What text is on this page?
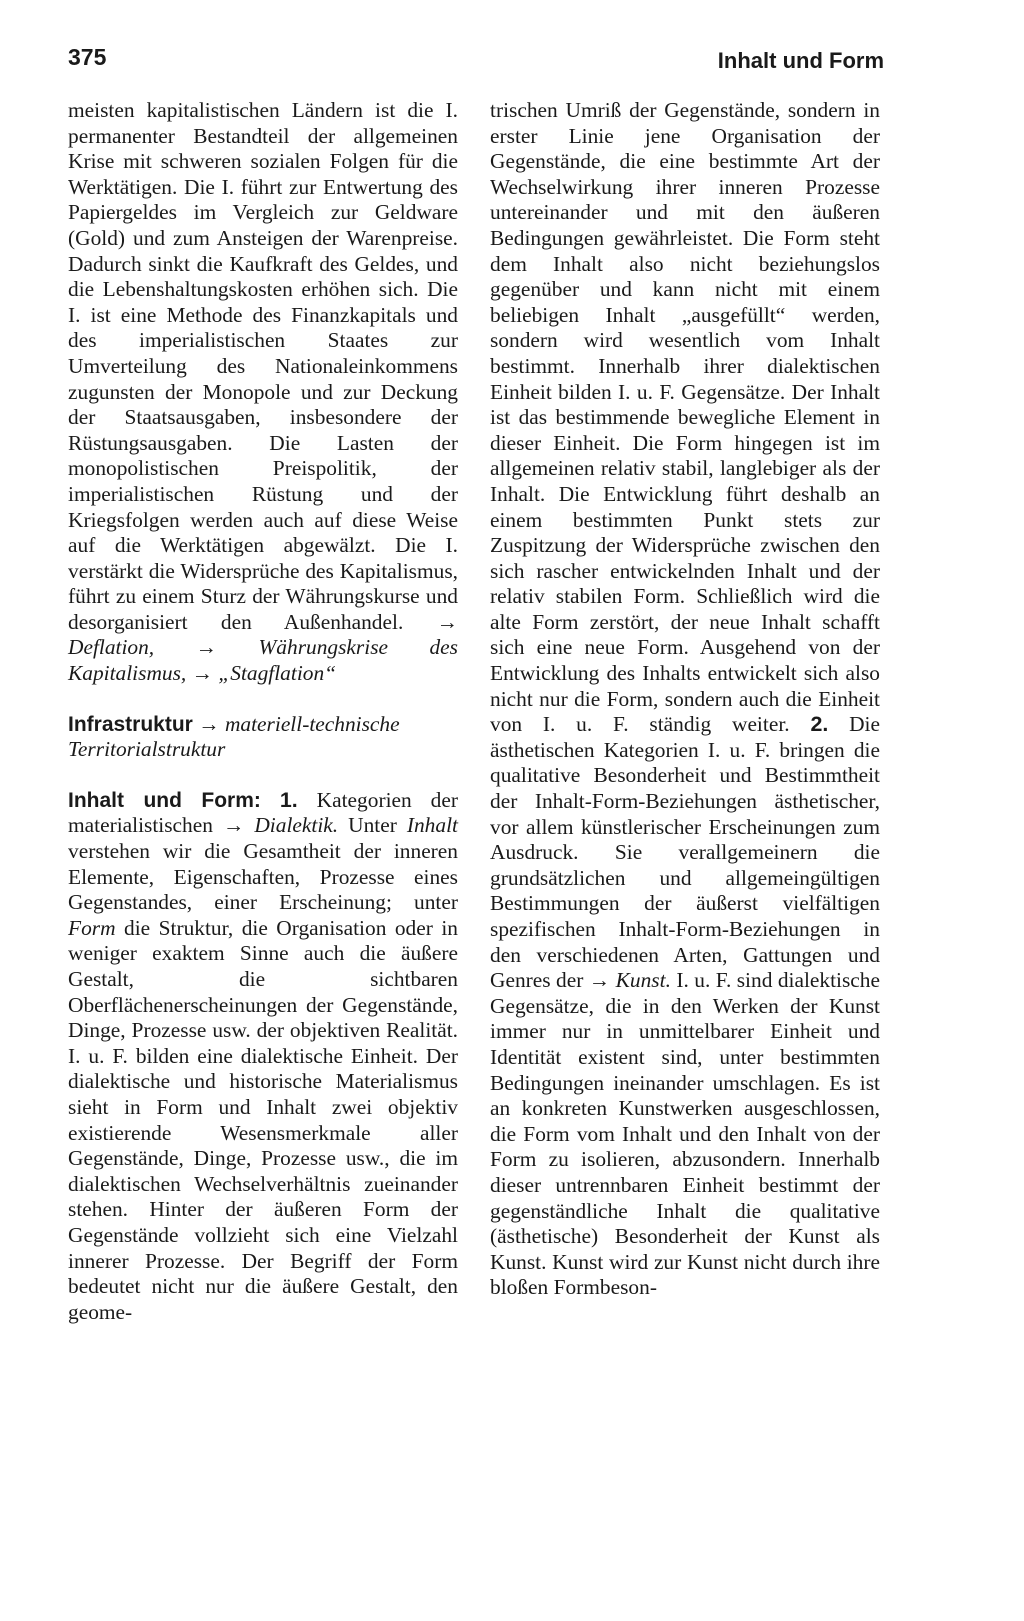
375	Inhalt und Form

meisten kapitalistischen Ländern ist die I. permanenter Bestandteil der allgemeinen Krise mit schweren sozialen Folgen für die Werktätigen. Die I. führt zur Entwertung des Papiergeldes im Vergleich zur Geldware (Gold) und zum Ansteigen der Warenpreise. Dadurch sinkt die Kaufkraft des Geldes, und die Lebenshaltungskosten erhöhen sich. Die I. ist eine Methode des Finanzkapitals und des imperialistischen Staates zur Umverteilung des Nationaleinkommens zugunsten der Monopole und zur Deckung der Staatsausgaben, insbesondere der Rüstungsausgaben. Die Lasten der monopolistischen Preispolitik, der imperialistischen Rüstung und der Kriegsfolgen werden auch auf diese Weise auf die Werktätigen abgewälzt. Die I. verstärkt die Widersprüche des Kapitalismus, führt zu einem Sturz der Währungskurse und desorganisiert den Außenhandel. → Deflation, → Währungskrise des Kapitalismus, → „Stagflation“

Infrastruktur → materiell-technische Territorialstruktur

Inhalt und Form: 1. Kategorien der materialistischen → Dialektik. Unter Inhalt verstehen wir die Gesamtheit der inneren Elemente, Eigenschaften, Prozesse eines Gegenstandes, einer Erscheinung; unter Form die Struktur, die Organisation oder in weniger exaktem Sinne auch die äußere Gestalt, die sichtbaren Oberflächenerscheinungen der Gegenstände, Dinge, Prozesse usw. der objektiven Realität. I. u. F. bilden eine dialektische Einheit. Der dialektische und historische Materialismus sieht in Form und Inhalt zwei objektiv existierende Wesensmerkmale aller Gegenstände, Dinge, Prozesse usw., die im dialektischen Wechselverhältnis zueinander stehen. Hinter der äußeren Form der Gegenstände vollzieht sich eine Vielzahl innerer Prozesse. Der Begriff der Form bedeutet nicht nur die äußere Gestalt, den geome-

trischen Umriß der Gegenstände, sondern in erster Linie jene Organisation der Gegenstände, die eine bestimmte Art der Wechselwirkung ihrer inneren Prozesse untereinander und mit den äußeren Bedingungen gewährleistet. Die Form steht dem Inhalt also nicht beziehungslos gegenüber und kann nicht mit einem beliebigen Inhalt „ausgefüllt“ werden, sondern wird wesentlich vom Inhalt bestimmt. Innerhalb ihrer dialektischen Einheit bilden I. u. F. Gegensätze. Der Inhalt ist das bestimmende bewegliche Element in dieser Einheit. Die Form hingegen ist im allgemeinen relativ stabil, langlebiger als der Inhalt. Die Entwicklung führt deshalb an einem bestimmten Punkt stets zur Zuspitzung der Widersprüche zwischen den sich rascher entwickelnden Inhalt und der relativ stabilen Form. Schließlich wird die alte Form zerstört, der neue Inhalt schafft sich eine neue Form. Ausgehend von der Entwicklung des Inhalts entwickelt sich also nicht nur die Form, sondern auch die Einheit von I. u. F. ständig weiter. 2. Die ästhetischen Kategorien I. u. F. bringen die qualitative Besonderheit und Bestimmtheit der Inhalt-Form-Beziehungen ästhetischer, vor allem künstlerischer Erscheinungen zum Ausdruck. Sie verallgemeinern die grundsätzlichen und allgemeingültigen Bestimmungen der äußerst vielfältigen spezifischen Inhalt-Form-Beziehungen in den verschiedenen Arten, Gattungen und Genres der → Kunst. I. u. F. sind dialektische Gegensätze, die in den Werken der Kunst immer nur in unmittelbarer Einheit und Identität existent sind, unter bestimmten Bedingungen ineinander umschlagen. Es ist an konkreten Kunstwerken ausgeschlossen, die Form vom Inhalt und den Inhalt von der Form zu isolieren, abzusondern. Innerhalb dieser untrennbaren Einheit bestimmt der gegenständliche Inhalt die qualitative (ästhetische) Besonderheit der Kunst als Kunst. Kunst wird zur Kunst nicht durch ihre bloßen Formbeson-
